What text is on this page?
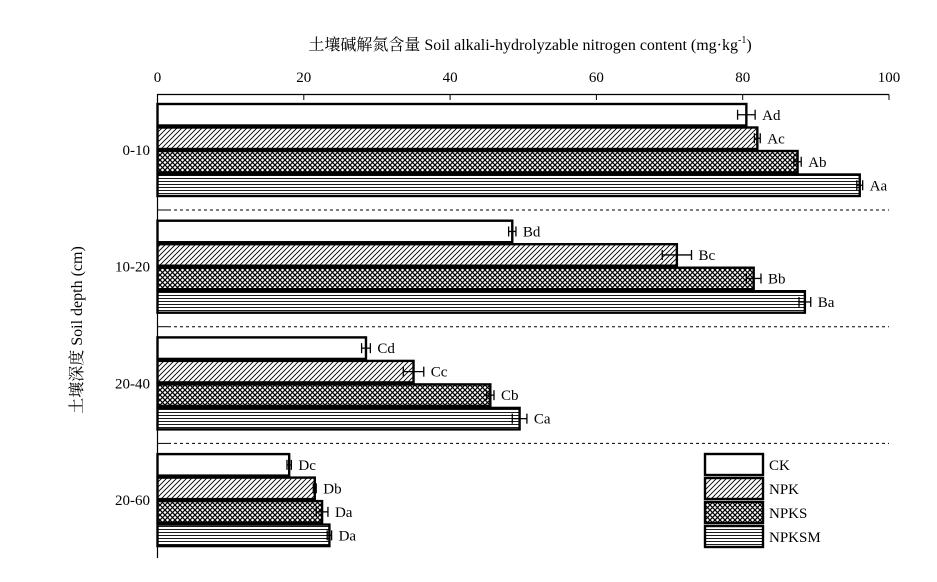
土壤碱解氮含量 Soil alkali-hydrolyzable nitrogen content $(mg\cdot kg^{-1})$
土壤深度 Soil depth (cm)
0	20	40	60	80	100
Ad
Ac
Ab
Aa
Bd
Bc
Bb
Ba
Cd
Cc
Cb
Ca
Dc
Db
Da
Da
0-10
10-20
20-40
20-60
CK
NPK
NPKS
NPKSM
